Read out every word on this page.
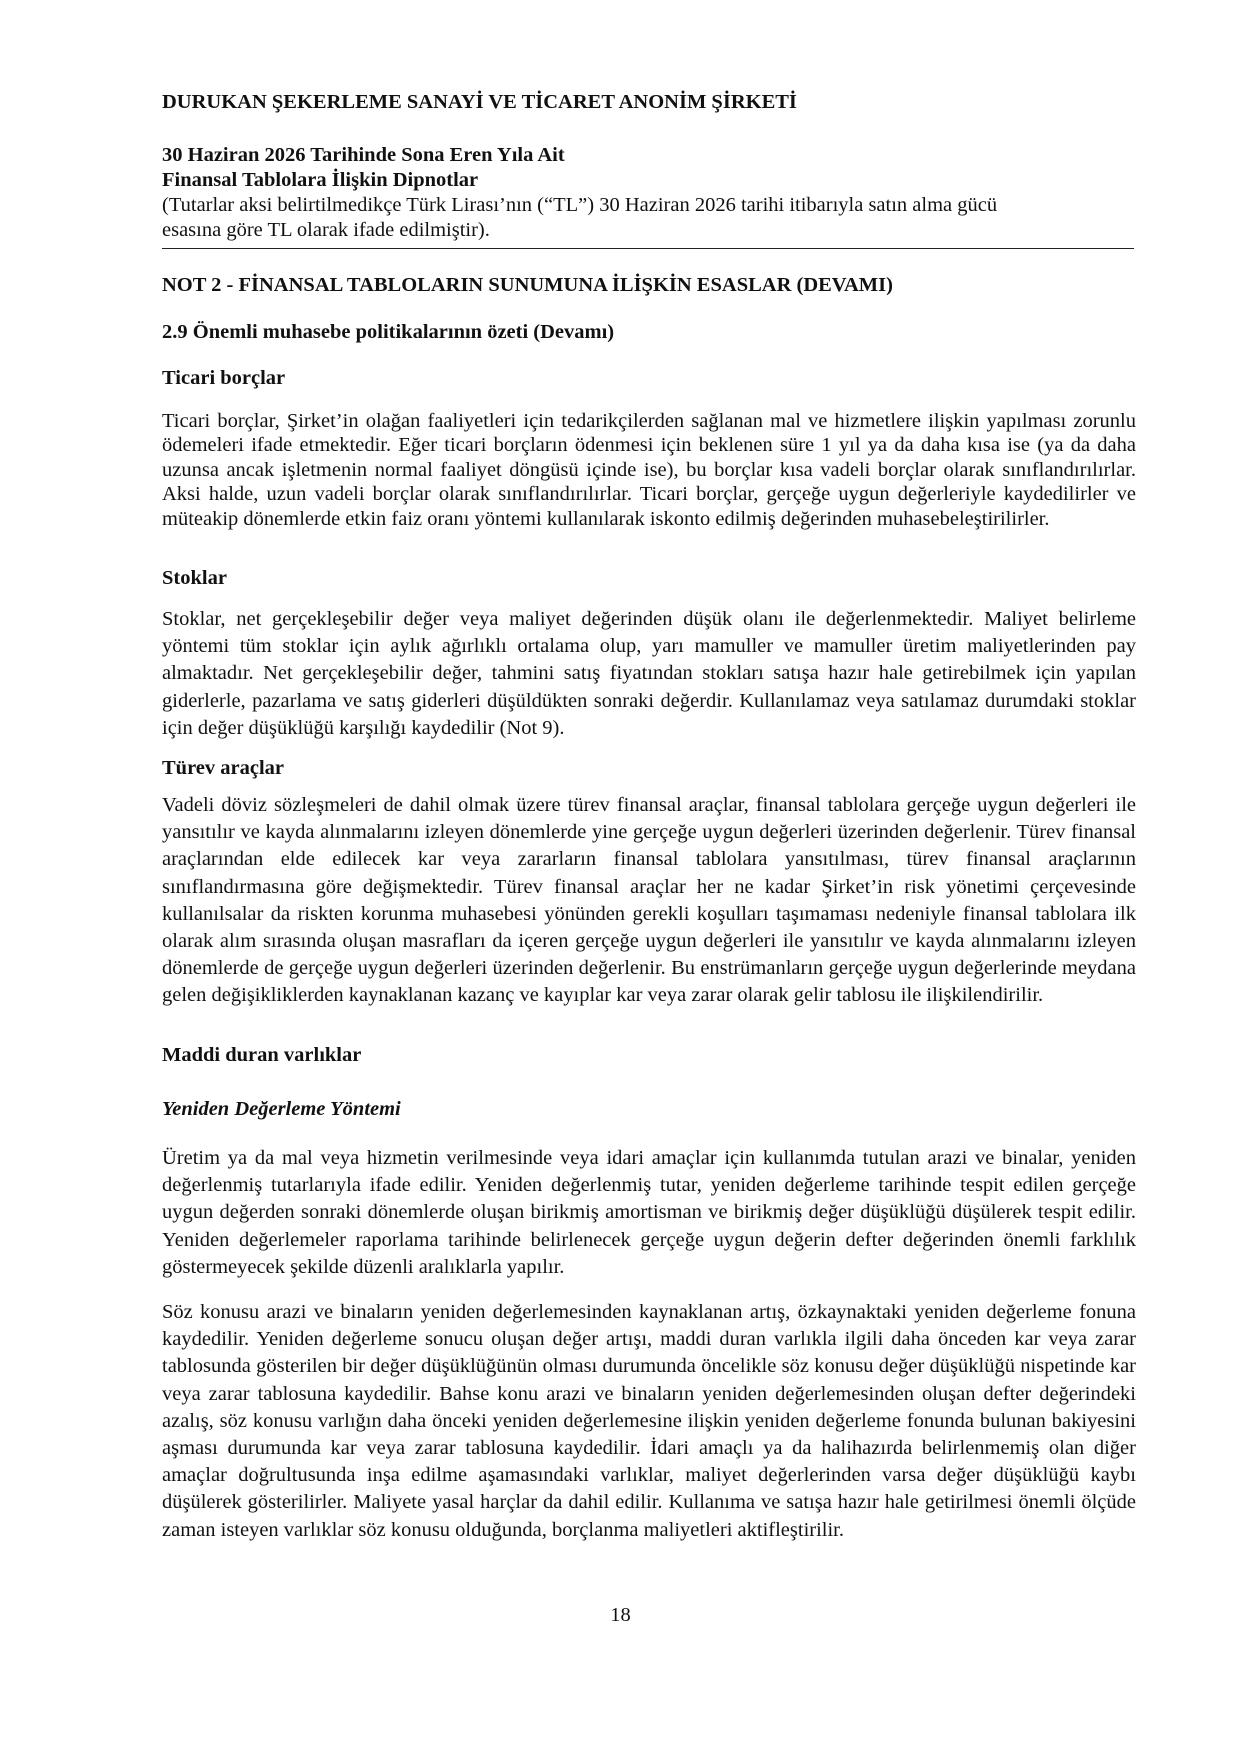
DURUKAN ŞEKERLEME SANAYİ VE TİCARET ANONİM ŞİRKETİ
30 Haziran 2026 Tarihinde Sona Eren Yıla Ait
Finansal Tablolara İlişkin Dipnotlar
(Tutarlar aksi belirtilmedikçe Türk Lirası’nın (“TL”) 30 Haziran 2026 tarihi itibarıyla satın alma gücü
esasına göre TL olarak ifade edilmiştir).
NOT 2 - FİNANSAL TABLOLARIN SUNUMUNA İLİŞKİN ESASLAR (DEVAMI)
2.9 Önemli muhasebe politikalarının özeti (Devamı)
Ticari borçlar
Ticari borçlar, Şirket’in olağan faaliyetleri için tedarikçilerden sağlanan mal ve hizmetlere ilişkin yapılması zorunlu ödemeleri ifade etmektedir. Eğer ticari borçların ödenmesi için beklenen süre 1 yıl ya da daha kısa ise (ya da daha uzunsa ancak işletmenin normal faaliyet döngüsü içinde ise), bu borçlar kısa vadeli borçlar olarak sınıflandırılırlar. Aksi halde, uzun vadeli borçlar olarak sınıflandırılırlar. Ticari borçlar, gerçeğe uygun değerleriyle kaydedilirler ve müteakip dönemlerde etkin faiz oranı yöntemi kullanılarak iskonto edilmiş değerinden muhasebeleştirilirler.
Stoklar
Stoklar, net gerçekleşebilir değer veya maliyet değerinden düşük olanı ile değerlenmektedir. Maliyet belirleme yöntemi tüm stoklar için aylık ağırlıklı ortalama olup, yarı mamuller ve mamuller üretim maliyetlerinden pay almaktadır. Net gerçekleşebilir değer, tahmini satış fiyatından stokları satışa hazır hale getirebilmek için yapılan giderlerle, pazarlama ve satış giderleri düşüldükten sonraki değerdir. Kullanılamaz veya satılamaz durumdaki stoklar için değer düşüklüğü karşılığı kaydedilir (Not 9).
Türev araçlar
Vadeli döviz sözleşmeleri de dahil olmak üzere türev finansal araçlar, finansal tablolara gerçeğe uygun değerleri ile yansıtılır ve kayda alınmalarını izleyen dönemlerde yine gerçeğe uygun değerleri üzerinden değerlenir. Türev finansal araçlarından elde edilecek kar veya zararların finansal tablolara yansıtılması, türev finansal araçlarının sınıflandırmasına göre değişmektedir. Türev finansal araçlar her ne kadar Şirket’in risk yönetimi çerçevesinde kullanılsalar da riskten korunma muhasebesi yönünden gerekli koşulları taşımaması nedeniyle finansal tablolara ilk olarak alım sırasında oluşan masrafları da içeren gerçeğe uygun değerleri ile yansıtılır ve kayda alınmalarını izleyen dönemlerde de gerçeğe uygun değerleri üzerinden değerlenir. Bu enstrümanların gerçeğe uygun değerlerinde meydana gelen değişikliklerden kaynaklanan kazanç ve kayıplar kar veya zarar olarak gelir tablosu ile ilişkilendirilir.
Maddi duran varlıklar
Yeniden Değerleme Yöntemi
Üretim ya da mal veya hizmetin verilmesinde veya idari amaçlar için kullanımda tutulan arazi ve binalar, yeniden değerlenmiş tutarlarıyla ifade edilir. Yeniden değerlenmiş tutar, yeniden değerleme tarihinde tespit edilen gerçeğe uygun değerden sonraki dönemlerde oluşan birikmiş amortisman ve birikmiş değer düşüklüğü düşülerek tespit edilir. Yeniden değerlemeler raporlama tarihinde belirlenecek gerçeğe uygun değerin defter değerinden önemli farklılık göstermeyecek şekilde düzenli aralıklarla yapılır.
Söz konusu arazi ve binaların yeniden değerlemesinden kaynaklanan artış, özkaynaktaki yeniden değerleme fonuna kaydedilir. Yeniden değerleme sonucu oluşan değer artışı, maddi duran varlıkla ilgili daha önceden kar veya zarar tablosunda gösterilen bir değer düşüklüğünün olması durumunda öncelikle söz konusu değer düşüklüğü nispetinde kar veya zarar tablosuna kaydedilir. Bahse konu arazi ve binaların yeniden değerlemesinden oluşan defter değerindeki azalış, söz konusu varlığın daha önceki yeniden değerlemesine ilişkin yeniden değerleme fonunda bulunan bakiyesini aşması durumunda kar veya zarar tablosuna kaydedilir. İdari amaçlı ya da halihazırda belirlenmemiş olan diğer amaçlar doğrultusunda inşa edilme aşamasındaki varlıklar, maliyet değerlerinden varsa değer düşüklüğü kaybı düşülerek gösterilirler. Maliyete yasal harçlar da dahil edilir. Kullanıma ve satışa hazır hale getirilmesi önemli ölçüde zaman isteyen varlıklar söz konusu olduğunda, borçlanma maliyetleri aktifleştirilir.
18
